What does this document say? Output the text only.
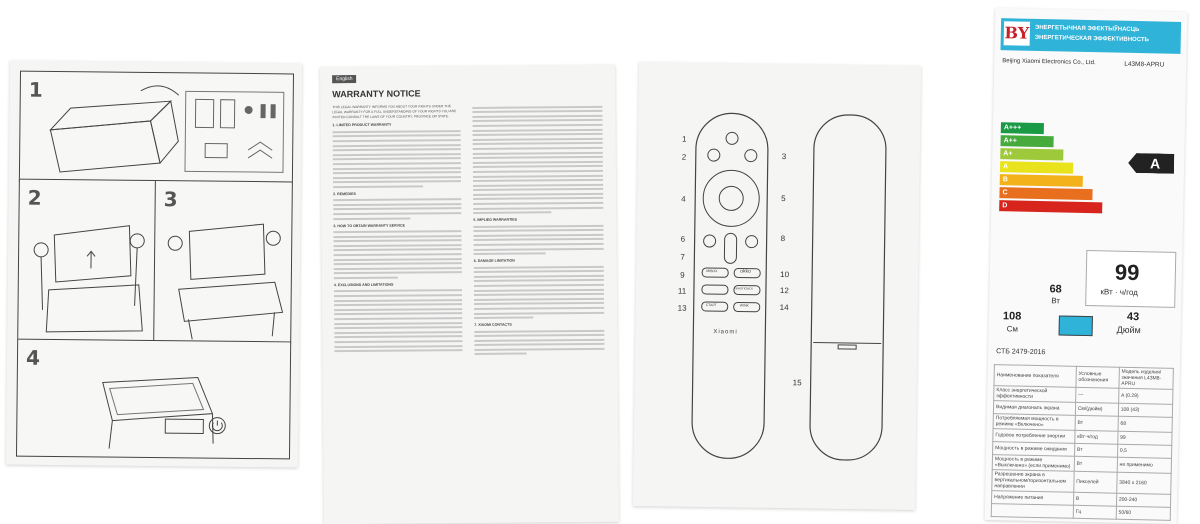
1
2	3
4
English
WARRANTY NOTICE
THIS LEGAL WARRANTY INFORMS YOU ABOUT YOUR RIGHTS UNDER THE LEGAL WARRANTY FOR A FULL UNDERSTANDING OF YOUR RIGHTS YOU ARE INVITED CONSULT THE LAWS OF YOUR COUNTRY, PROVINCE OR STATE.
1. LIMITED PRODUCT WARRANTY
2. REMEDIES
3. HOW TO OBTAIN WARRANTY SERVICE
4. EXCLUSIONS AND LIMITATIONS
5. IMPLIED WARRANTIES
6. DAMAGE LIMITATION
7. XIAOMI CONTACTS
Xiaomi
MIBOX	okko
КИНОПОИСК
СТАРТ	WINK
1
2	3
4	5
6
7
8
9	10
11	12
13	14
15
BY ЭНЕРГЕТЫЧНАЯ ЭФЕКТЫЎНАСЦЬ
ЭНЕРГЕТИЧЕСКАЯ ЭФФЕКТИВНОСТЬ
Beijing Xiaomi Electronics Co., Ltd.	L43M8-APRU
A+++
A++
A+
A
B
C
D
A
99
кВт · ч/год
68
Вт
108
См
43
Дюйм
СТБ 2479-2016
Наименование показателя	Условные обозначения	Модель изделия/ значения L43M8-APRU
Класс энергетической эффективности	—	A (0.29)
Видимая диагональ экрана	См/(дюйм)	108 (43)
Потребляемая мощность в режиме «Включено»	Вт	68
Годовое потребление энергии	кВт·ч/год	99
Мощность в режиме ожидания	Вт	0,5
Мощность в режиме «Выключено» (если применимо)	Вт	не применимо
Разрешение экрана в вертикальном/горизонтальном направлении	Пикселей	3840 x 2160
Напряжение питания	В	200-240
	Гц	50/60
